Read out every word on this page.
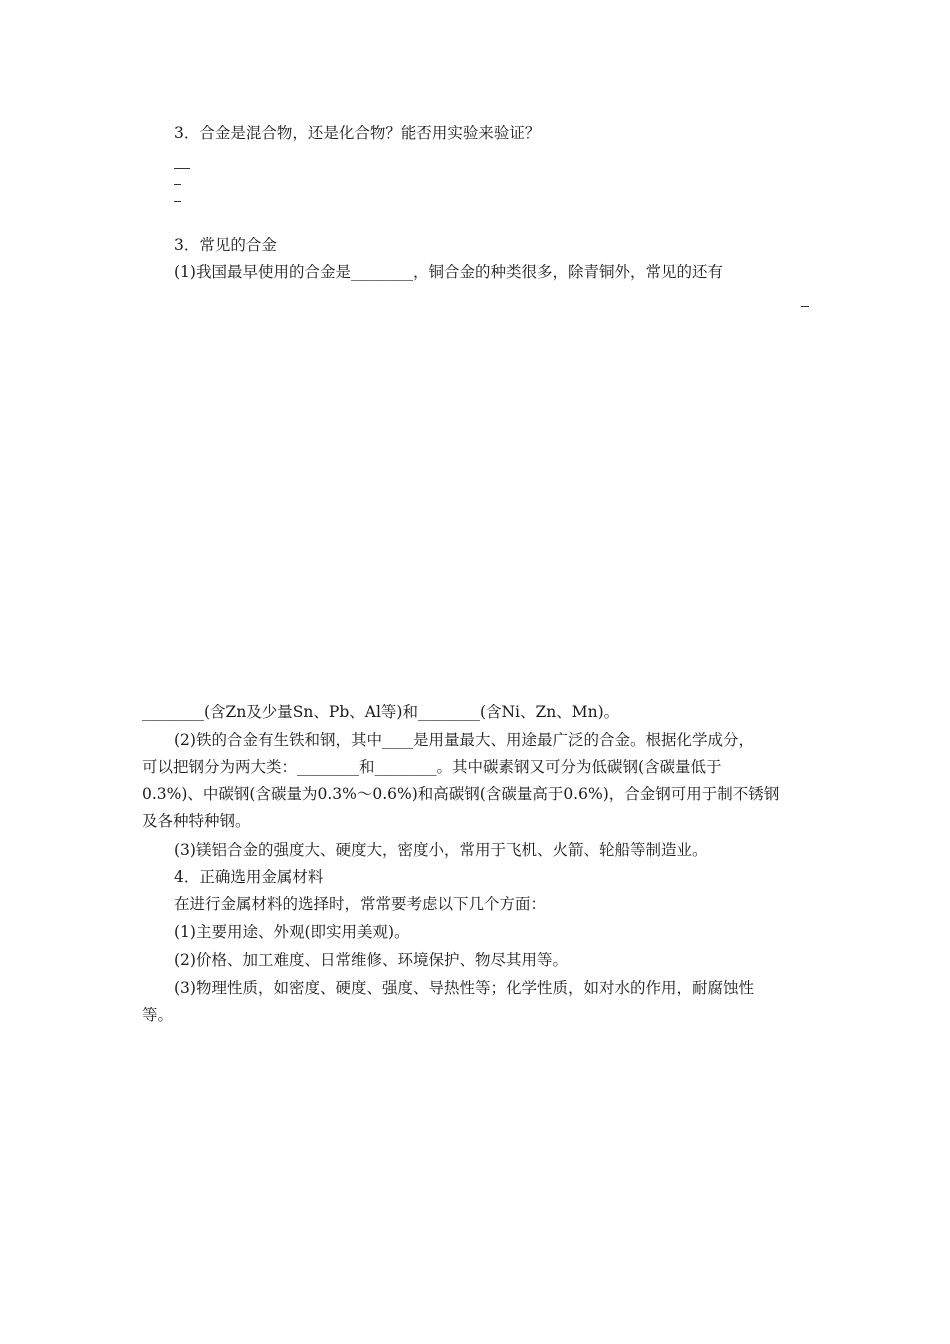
3．合金是混合物，还是化合物？能否用实验来验证？
3．常见的合金
(1)我国最早使用的合金是________，铜合金的种类很多，除青铜外，常见的还有
________(含Zn及少量Sn、Pb、Al等)和________(含Ni、Zn、Mn)。
(2)铁的合金有生铁和钢，其中____是用量最大、用途最广泛的合金。根据化学成分，
可以把钢分为两大类：________和________。其中碳素钢又可分为低碳钢(含碳量低于
0.3%)、中碳钢(含碳量为0.3%～0.6%)和高碳钢(含碳量高于0.6%)，合金钢可用于制不锈钢
及各种特种钢。
(3)镁铝合金的强度大、硬度大，密度小，常用于飞机、火箭、轮船等制造业。
4．正确选用金属材料
在进行金属材料的选择时，常常要考虑以下几个方面：
(1)主要用途、外观(即实用美观)。
(2)价格、加工难度、日常维修、环境保护、物尽其用等。
(3)物理性质，如密度、硬度、强度、导热性等；化学性质，如对水的作用，耐腐蚀性
等。
